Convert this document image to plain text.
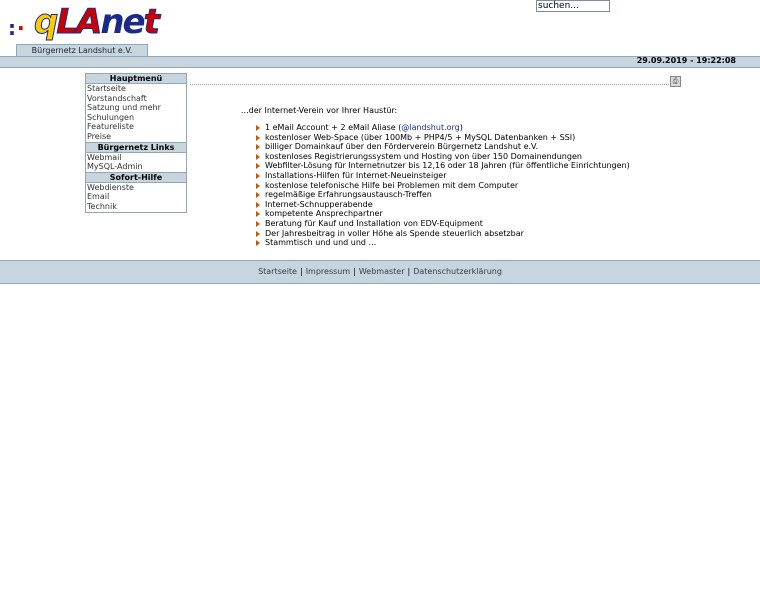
:· qLAnet	suchen...
Bürgernetz Landshut e.V.
29.09.2019 - 19:22:08
Hauptmenü
Startseite
Vorstandschaft
Satzung und mehr
Schulungen
Featureliste
Preise
Bürgernetz Links
Webmail
MySQL-Admin
Sofort-Hilfe
Webdienste
Email
Technik
⎙
...der Internet-Verein vor Ihrer Haustür:
1 eMail Account + 2 eMail Aliase (@landshut.org)
kostenloser Web-Space (über 100Mb + PHP4/5 + MySQL Datenbanken + SSI)
billiger Domainkauf über den Förderverein Bürgernetz Landshut e.V.
kostenloses Registrierungssystem und Hosting von über 150 Domainendungen
Webfilter-Lösung für Internetnutzer bis 12,16 oder 18 Jahren (für öffentliche Einrichtungen)
Installations-Hilfen für Internet-Neueinsteiger
kostenlose telefonische Hilfe bei Problemen mit dem Computer
regelmäßige Erfahrungsaustausch-Treffen
Internet-Schnupperabende
kompetente Ansprechpartner
Beratung für Kauf und Installation von EDV-Equipment
Der Jahresbeitrag in voller Höhe als Spende steuerlich absetzbar
Stammtisch und und und ...
Startseite | Impressum | Webmaster | Datenschutzerklärung
